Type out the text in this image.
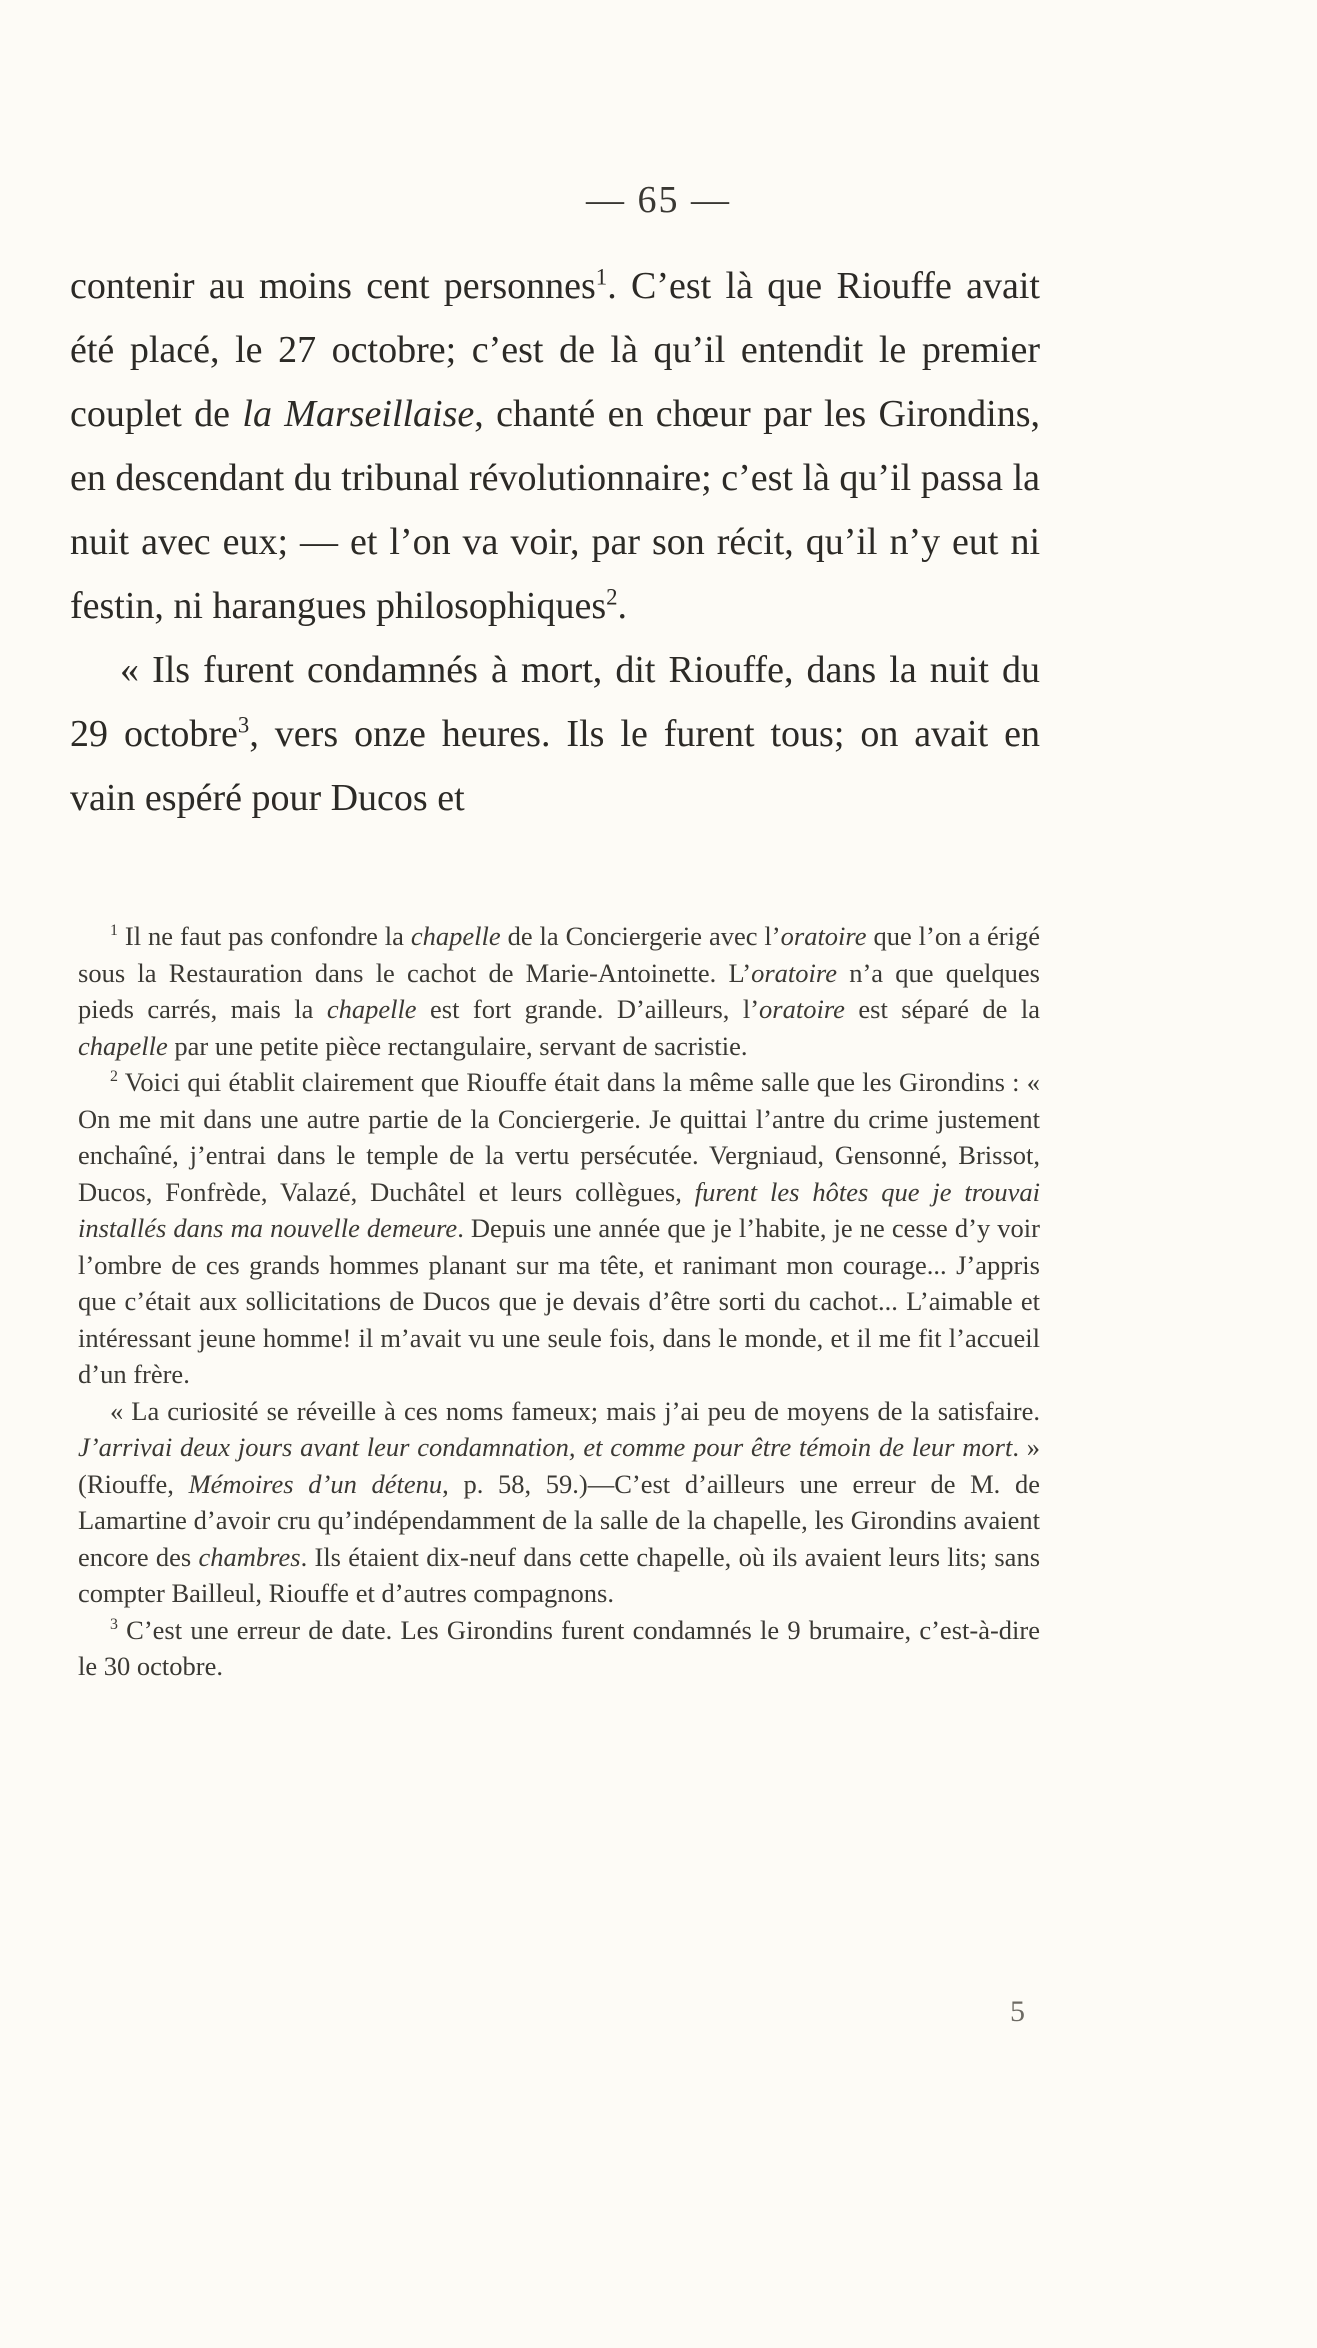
— 65 —

contenir au moins cent personnes$^1$. C’est là que Riouffe avait été placé, le 27 octobre; c’est de là qu’il entendit le premier couplet de la Marseillaise, chanté en chœur par les Girondins, en descendant du tribunal révolutionnaire; c’est là qu’il passa la nuit avec eux; — et l’on va voir, par son récit, qu’il n’y eut ni festin, ni harangues philosophiques$^2$.

« Ils furent condamnés à mort, dit Riouffe, dans la nuit du 29 octobre$^3$, vers onze heures. Ils le furent tous; on avait en vain espéré pour Ducos et

$^1$ Il ne faut pas confondre la chapelle de la Conciergerie avec l’oratoire que l’on a érigé sous la Restauration dans le cachot de Marie-Antoinette. L’oratoire n’a que quelques pieds carrés, mais la chapelle est fort grande. D’ailleurs, l’oratoire est séparé de la chapelle par une petite pièce rectangulaire, servant de sacristie.

$^2$ Voici qui établit clairement que Riouffe était dans la même salle que les Girondins : « On me mit dans une autre partie de la Conciergerie. Je quittai l’antre du crime justement enchaîné, j’entrai dans le temple de la vertu persécutée. Vergniaud, Gensonné, Brissot, Ducos, Fonfrède, Valazé, Duchâtel et leurs collègues, furent les hôtes que je trouvai installés dans ma nouvelle demeure. Depuis une année que je l’habite, je ne cesse d’y voir l’ombre de ces grands hommes planant sur ma tête, et ranimant mon courage... J’appris que c’était aux sollicitations de Ducos que je devais d’être sorti du cachot... L’aimable et intéressant jeune homme! il m’avait vu une seule fois, dans le monde, et il me fit l’accueil d’un frère.

« La curiosité se réveille à ces noms fameux; mais j’ai peu de moyens de la satisfaire. J’arrivai deux jours avant leur condamnation, et comme pour être témoin de leur mort. » (Riouffe, Mémoires d’un détenu, p. 58, 59.)—C’est d’ailleurs une erreur de M. de Lamartine d’avoir cru qu’indépendamment de la salle de la chapelle, les Girondins avaient encore des chambres. Ils étaient dix-neuf dans cette chapelle, où ils avaient leurs lits; sans compter Bailleul, Riouffe et d’autres compagnons.

$^3$ C’est une erreur de date. Les Girondins furent condamnés le 9 brumaire, c’est-à-dire le 30 octobre.

5
